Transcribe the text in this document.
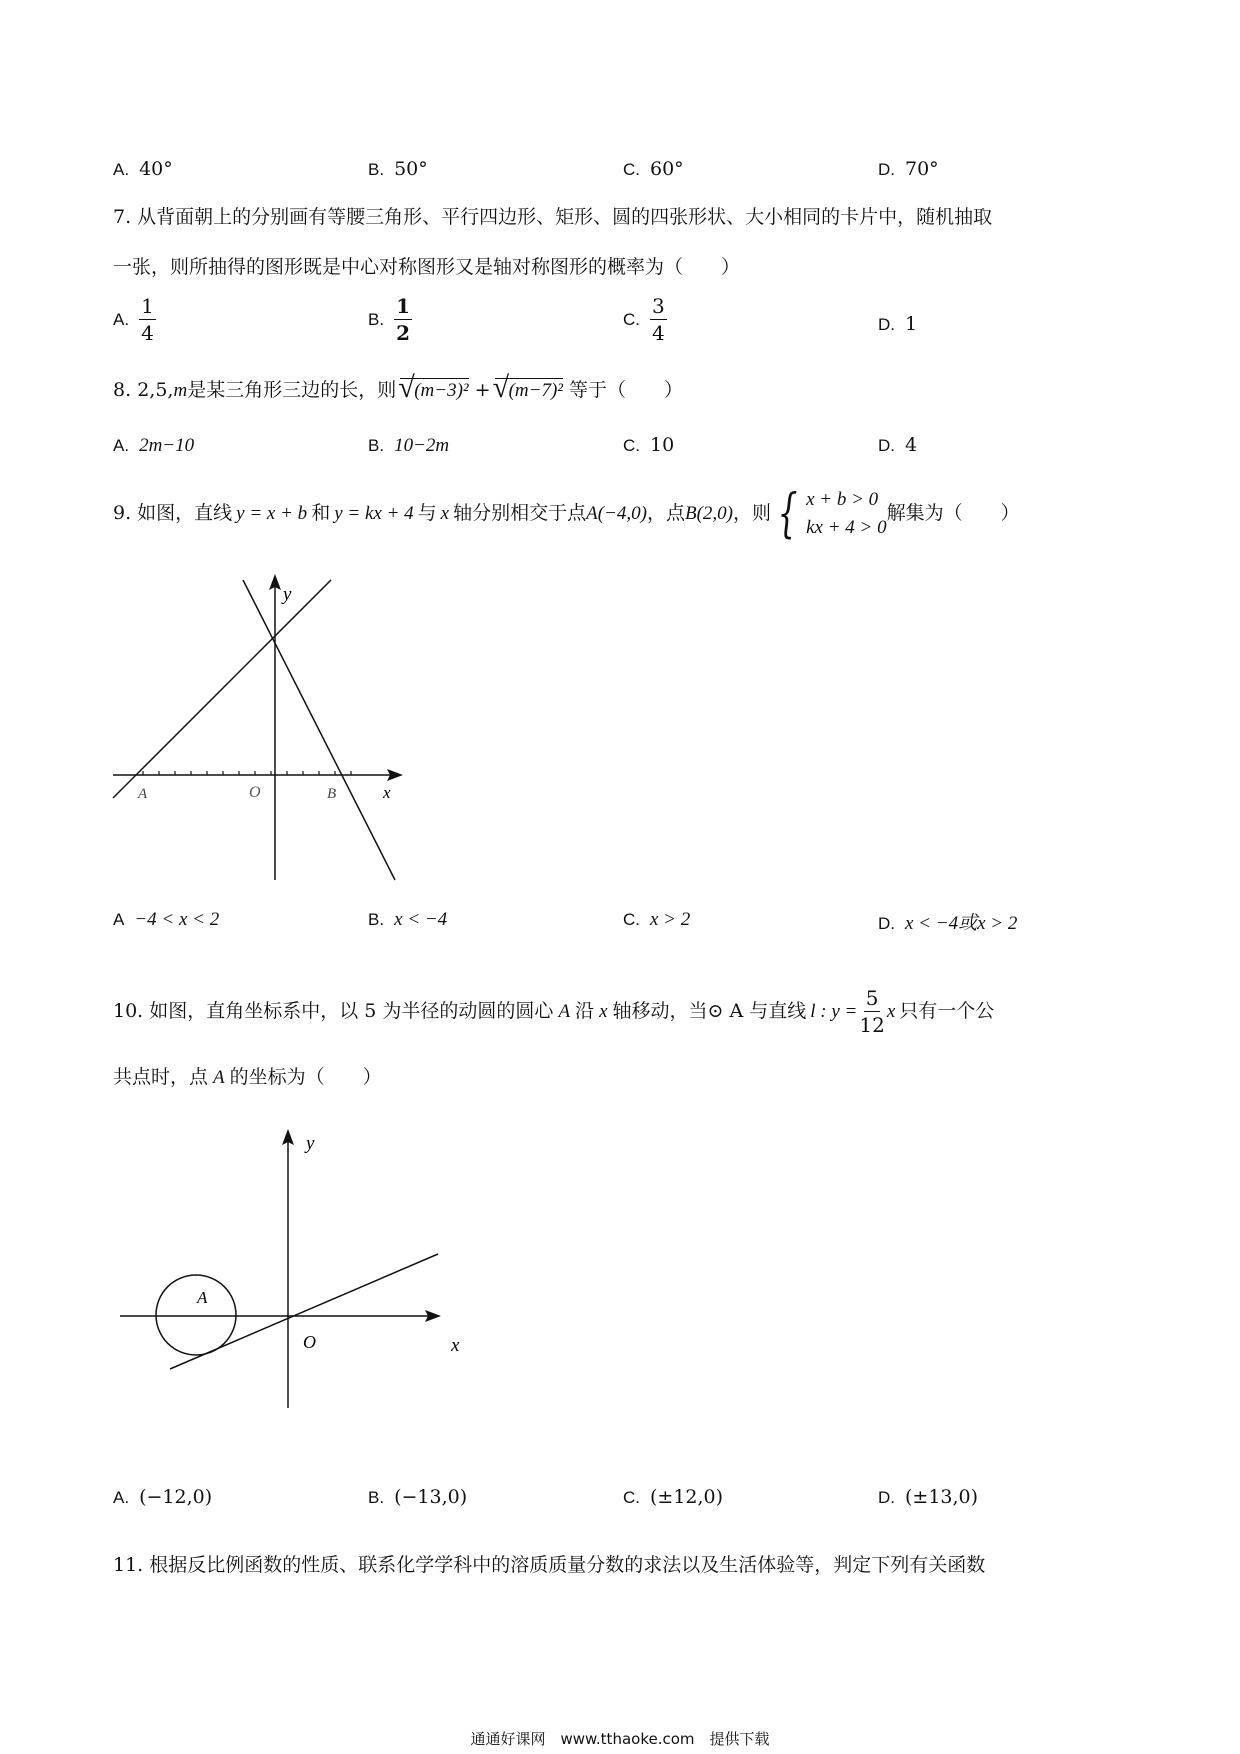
A. 40°	B. 50°	C. 60°	D. 70°
7. 从背面朝上的分别画有等腰三角形、平行四边形、矩形、圆的四张形状、大小相同的卡片中，随机抽取
一张，则所抽得的图形既是中心对称图形又是轴对称图形的概率为（　　）
A. $\frac{1}{4}$	B. $\frac{1}{2}$	C. $\frac{3}{4}$	D. 1
8. 2,5,m是某三角形三边的长，则 √ (m−3)² + √ (m−7)² 等于（　　）
A. 2m−10	B. 10−2m	C. 10	D. 4
9. 如图，直线 y = x + b 和 y = kx + 4 与 x 轴分别相交于点 A(−4,0) ，点 B(2,0) ，则 { x + b > 0
kx + 4 > 0
解集为（　　）
y
x
O
A	B
A −4 < x < 2	B. x < −4	C. x > 2	D. x < −4或x > 2
10. 如图，直角坐标系中，以 5 为半径的动圆的圆心 A 沿 x 轴移动，当⊙ A 与直线 l : $y = \frac{5}{12}$ x 只有一个公
共点时，点 A 的坐标为（　　）
y
x
O
A
A. (−12,0)	B. (−13,0)	C. (±12,0)	D. (±13,0)
11. 根据反比例函数的性质、联系化学学科中的溶质质量分数的求法以及生活体验等，判定下列有关函数
通通好课网　www.tthaoke.com　提供下载
